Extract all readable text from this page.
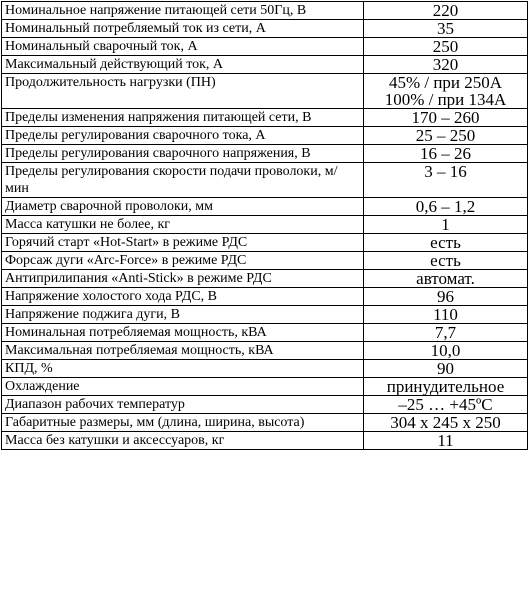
Номинальное напряжение питающей сети 50Гц, В	220

Номинальный потребляемый ток из сети, А	35

Номинальный сварочный ток, А	250

Максимальный действующий ток, А	320

Продолжительность нагрузки (ПН)	45% / при 250А
100% / при 134А

Пределы изменения напряжения питающей сети, В	170 – 260

Пределы регулирования сварочного тока, А	25 – 250

Пределы регулирования сварочного напряжения, В	16 – 26

Пределы регулирования скорости подачи проволоки, м/мин	3 – 16

Диаметр сварочной проволоки, мм	0,6 – 1,2

Масса катушки не более, кг	1

Горячий старт «Hot-Start» в режиме РДС	есть

Форсаж дуги «Arc-Force» в режиме РДС	есть

Антиприлипания «Anti-Stick» в режиме РДС	автомат.

Напряжение холостого хода РДС, В	96

Напряжение поджига дуги, В	110

Номинальная потребляемая мощность, кВА	7,7

Максимальная потребляемая мощность, кВА	10,0

КПД, %	90

Охлаждение	принудительное

Диапазон рабочих температур	–25 … +45ºС

Габаритные размеры, мм (длина, ширина, высота)	304 х 245 х 250

Масса без катушки и аксессуаров, кг	11
